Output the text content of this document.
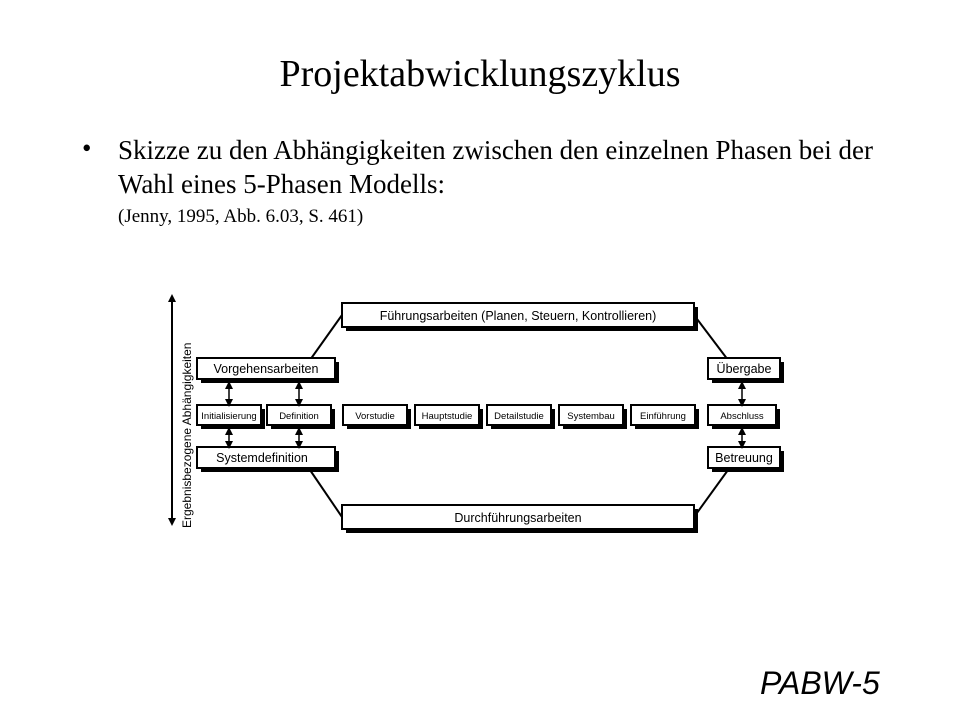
Projektabwicklungszyklus
• Skizze zu den Abhängigkeiten zwischen den einzelnen Phasen bei der Wahl eines 5-Phasen Modells:
(Jenny, 1995, Abb. 6.03, S. 461)
Ergebnisbezogene Abhängigkeiten
Führungsarbeiten (Planen, Steuern, Kontrollieren)
Durchführungsarbeiten
Vorgehensarbeiten
Systemdefinition
Übergabe
Betreuung
Initialisierung Definition	Vorstudie	Hauptstudie Detailstudie Systembau	Einführung	Abschluss
PABW-5
